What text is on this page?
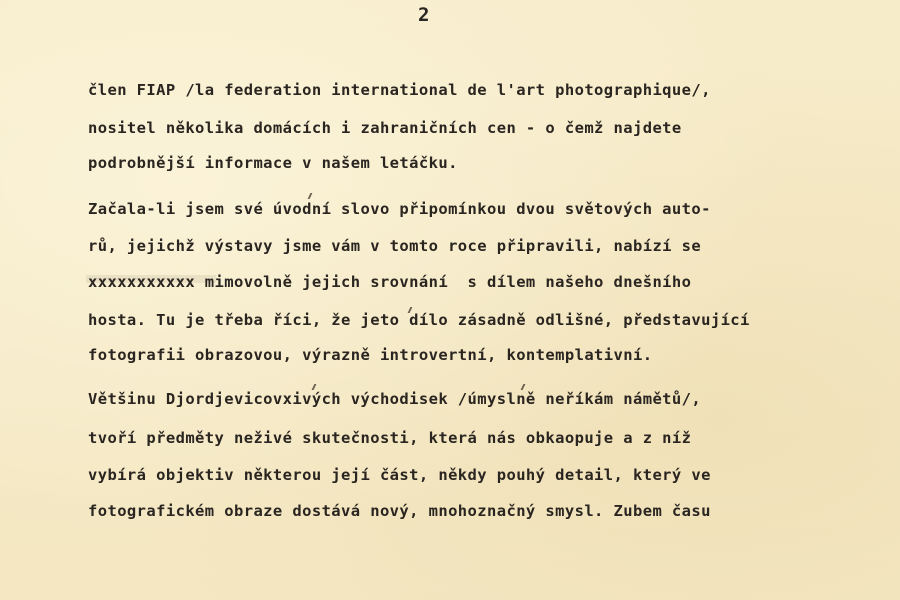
2
člen FIAP /la federation international de l'art photographique/,
nositel několika domácích i zahraničních cen - o čemž najdete
podrobnější informace v našem letáčku.
Začala-li jsem své úvodní slovo připomínkou dvou světových auto-
rů, jejichž výstavy jsme vám v tomto roce připravili, nabízí se
xxxxxxxxxxx mimovolně jejich srovnání  s dílem našeho dnešního
hosta. Tu je třeba říci, že jeto dílo zásadně odlišné, představující
fotografii obrazovou, výrazně introvertní, kontemplativní.
Většinu Djordjevicovxivých východisek /úmyslně neříkám námětů/,
tvoří předměty neživé skutečnosti, která nás obkaopuje a z níž
vybírá objektiv některou její část, někdy pouhý detail, který ve
fotografickém obraze dostává nový, mnohoznačný smysl. Zubem času
